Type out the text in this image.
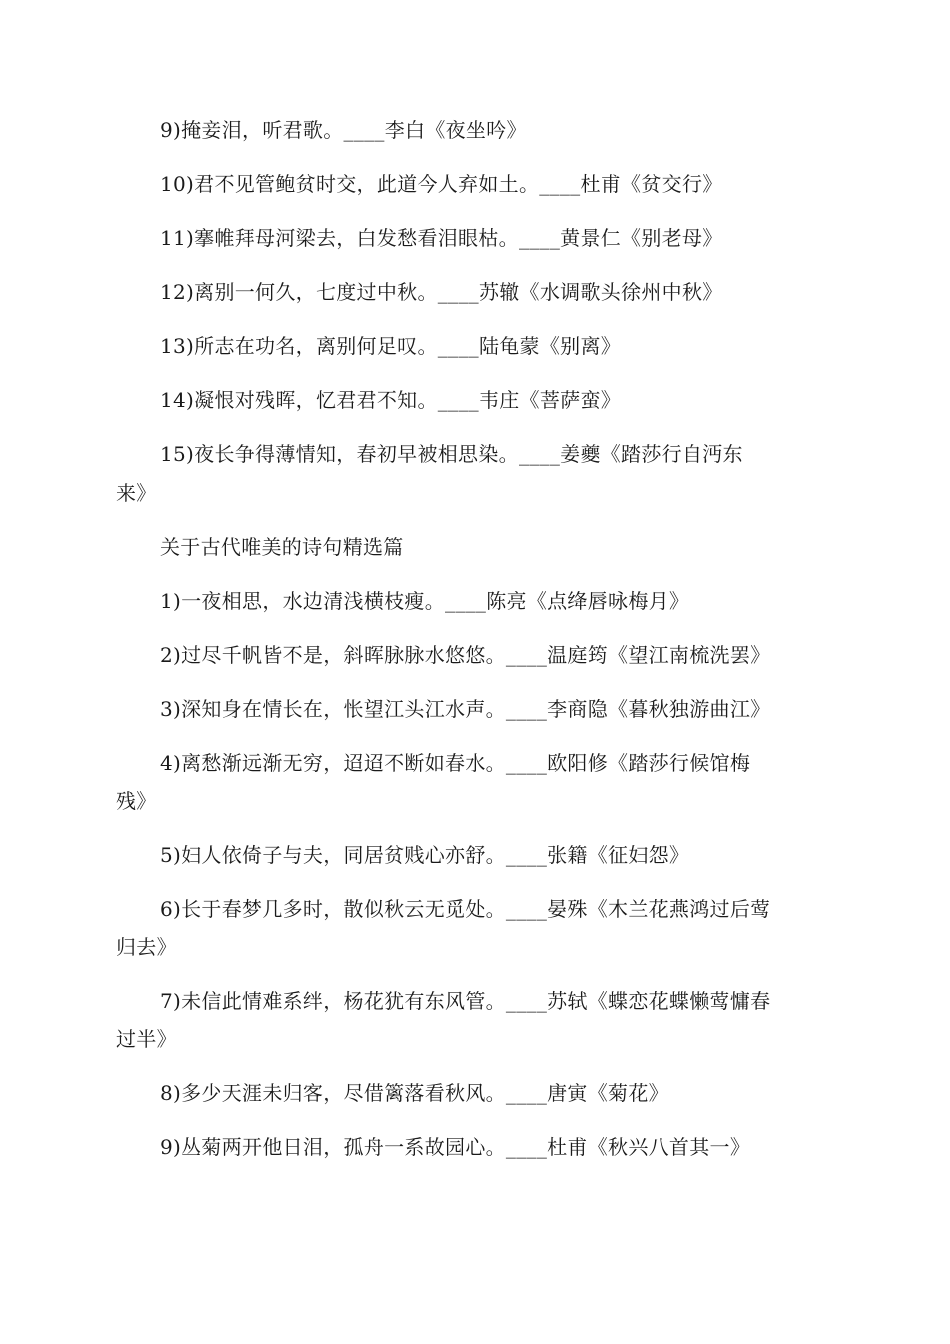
9)掩妾泪，听君歌。____李白《夜坐吟》
10)君不见管鲍贫时交，此道今人弃如土。____杜甫《贫交行》
11)搴帷拜母河梁去，白发愁看泪眼枯。____黄景仁《别老母》
12)离别一何久，七度过中秋。____苏辙《水调歌头徐州中秋》
13)所志在功名，离别何足叹。____陆龟蒙《别离》
14)凝恨对残晖，忆君君不知。____韦庄《菩萨蛮》
15)夜长争得薄情知，春初早被相思染。____姜夔《踏莎行自沔东
来》
关于古代唯美的诗句精选篇
1)一夜相思，水边清浅横枝瘦。____陈亮《点绛唇咏梅月》
2)过尽千帆皆不是，斜晖脉脉水悠悠。____温庭筠《望江南梳洗罢》
3)深知身在情长在，怅望江头江水声。____李商隐《暮秋独游曲江》
4)离愁渐远渐无穷，迢迢不断如春水。____欧阳修《踏莎行候馆梅
残》
5)妇人依倚子与夫，同居贫贱心亦舒。____张籍《征妇怨》
6)长于春梦几多时，散似秋云无觅处。____晏殊《木兰花燕鸿过后莺
归去》
7)未信此情难系绊，杨花犹有东风管。____苏轼《蝶恋花蝶懒莺慵春
过半》
8)多少天涯未归客，尽借篱落看秋风。____唐寅《菊花》
9)丛菊两开他日泪，孤舟一系故园心。____杜甫《秋兴八首其一》
